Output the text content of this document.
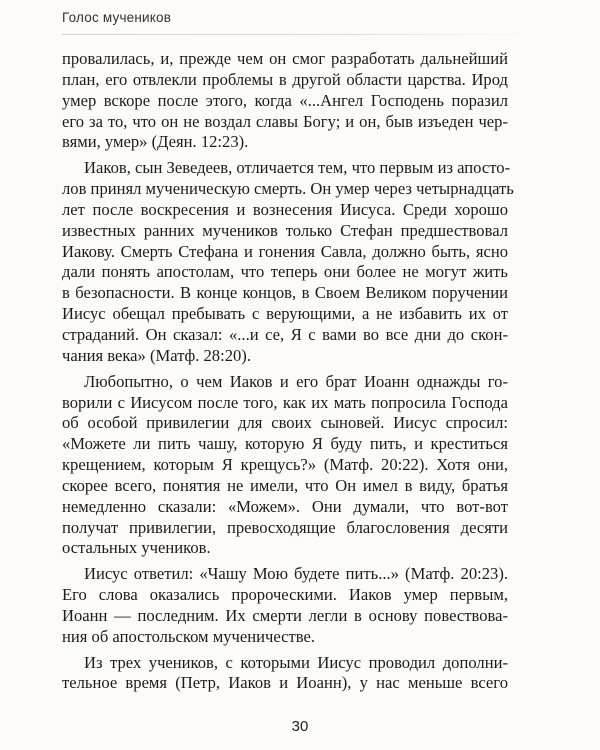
Голос мучеников
провалилась, и, прежде чем он смог разработать дальнейший
план, его отвлекли проблемы в другой области царства. Ирод
умер вскоре после этого, когда «...Ангел Господень поразил
его за то, что он не воздал славы Богу; и он, быв изъеден чер-
вями, умер» (Деян. 12:23).
Иаков, сын Зеведеев, отличается тем, что первым из апосто-
лов принял мученическую смерть. Он умер через четырнадцать
лет после воскресения и вознесения Иисуса. Среди хорошо
известных ранних мучеников только Стефан предшествовал
Иакову. Смерть Стефана и гонения Савла, должно быть, ясно
дали понять апостолам, что теперь они более не могут жить
в безопасности. В конце концов, в Своем Великом поручении
Иисус обещал пребывать с верующими, а не избавить их от
страданий. Он сказал: «...и се, Я с вами во все дни до скон-
чания века» (Матф. 28:20).
Любопытно, о чем Иаков и его брат Иоанн однажды го-
ворили с Иисусом после того, как их мать попросила Господа
об особой привилегии для своих сыновей. Иисус спросил:
«Можете ли пить чашу, которую Я буду пить, и креститься
крещением, которым Я крещусь?» (Матф. 20:22). Хотя они,
скорее всего, понятия не имели, что Он имел в виду, братья
немедленно сказали: «Можем». Они думали, что вот-вот
получат привилегии, превосходящие благословения десяти
остальных учеников.
Иисус ответил: «Чашу Мою будете пить...» (Матф. 20:23).
Его слова оказались пророческими. Иаков умер первым,
Иоанн — последним. Их смерти легли в основу повествова-
ния об апостольском мученичестве.
Из трех учеников, с которыми Иисус проводил дополни-
тельное время (Петр, Иаков и Иоанн), у нас меньше всего
30
